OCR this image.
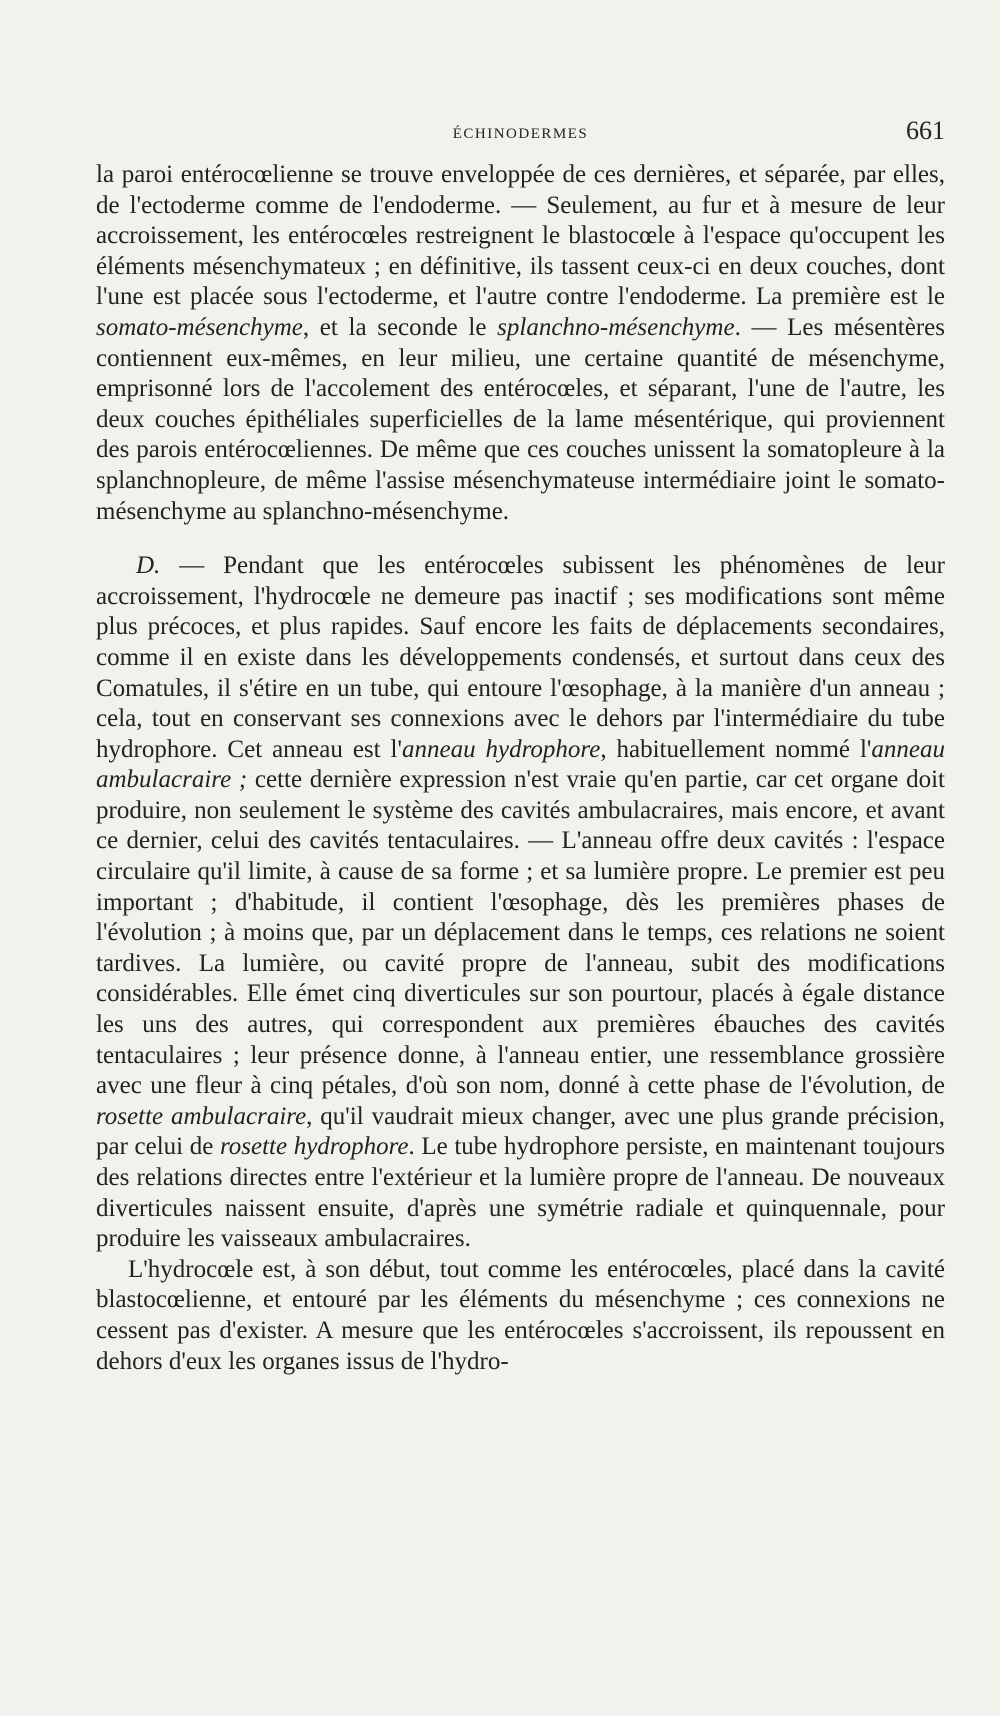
ÉCHINODERMES	661

la paroi entérocœlienne se trouve enveloppée de ces dernières, et séparée, par elles, de l'ectoderme comme de l'endoderme. — Seulement, au fur et à mesure de leur accroissement, les entérocœles restreignent le blastocœle à l'espace qu'occupent les éléments mésenchymateux ; en définitive, ils tassent ceux-ci en deux couches, dont l'une est placée sous l'ectoderme, et l'autre contre l'endoderme. La première est le somato-mésenchyme, et la seconde le splanchno-mésenchyme. — Les mésentères contiennent eux-mêmes, en leur milieu, une certaine quantité de mésenchyme, emprisonné lors de l'accolement des entérocœles, et séparant, l'une de l'autre, les deux couches épithéliales superficielles de la lame mésentérique, qui proviennent des parois entérocœliennes. De même que ces couches unissent la somatopleure à la splanchnopleure, de même l'assise mésenchymateuse intermédiaire joint le somato-mésenchyme au splanchno-mésenchyme.

D. — Pendant que les entérocœles subissent les phénomènes de leur accroissement, l'hydrocœle ne demeure pas inactif ; ses modifications sont même plus précoces, et plus rapides. Sauf encore les faits de déplacements secondaires, comme il en existe dans les développements condensés, et surtout dans ceux des Comatules, il s'étire en un tube, qui entoure l'œsophage, à la manière d'un anneau ; cela, tout en conservant ses connexions avec le dehors par l'intermédiaire du tube hydrophore. Cet anneau est l'anneau hydrophore, habituellement nommé l'anneau ambulacraire ; cette dernière expression n'est vraie qu'en partie, car cet organe doit produire, non seulement le système des cavités ambulacraires, mais encore, et avant ce dernier, celui des cavités tentaculaires. — L'anneau offre deux cavités : l'espace circulaire qu'il limite, à cause de sa forme ; et sa lumière propre. Le premier est peu important ; d'habitude, il contient l'œsophage, dès les premières phases de l'évolution ; à moins que, par un déplacement dans le temps, ces relations ne soient tardives. La lumière, ou cavité propre de l'anneau, subit des modifications considérables. Elle émet cinq diverticules sur son pourtour, placés à égale distance les uns des autres, qui correspondent aux premières ébauches des cavités tentaculaires ; leur présence donne, à l'anneau entier, une ressemblance grossière avec une fleur à cinq pétales, d'où son nom, donné à cette phase de l'évolution, de rosette ambulacraire, qu'il vaudrait mieux changer, avec une plus grande précision, par celui de rosette hydrophore. Le tube hydrophore persiste, en maintenant toujours des relations directes entre l'extérieur et la lumière propre de l'anneau. De nouveaux diverticules naissent ensuite, d'après une symétrie radiale et quinquennale, pour produire les vaisseaux ambulacraires.

L'hydrocœle est, à son début, tout comme les entérocœles, placé dans la cavité blastocœlienne, et entouré par les éléments du mésenchyme ; ces connexions ne cessent pas d'exister. A mesure que les entérocœles s'accroissent, ils repoussent en dehors d'eux les organes issus de l'hydro-
